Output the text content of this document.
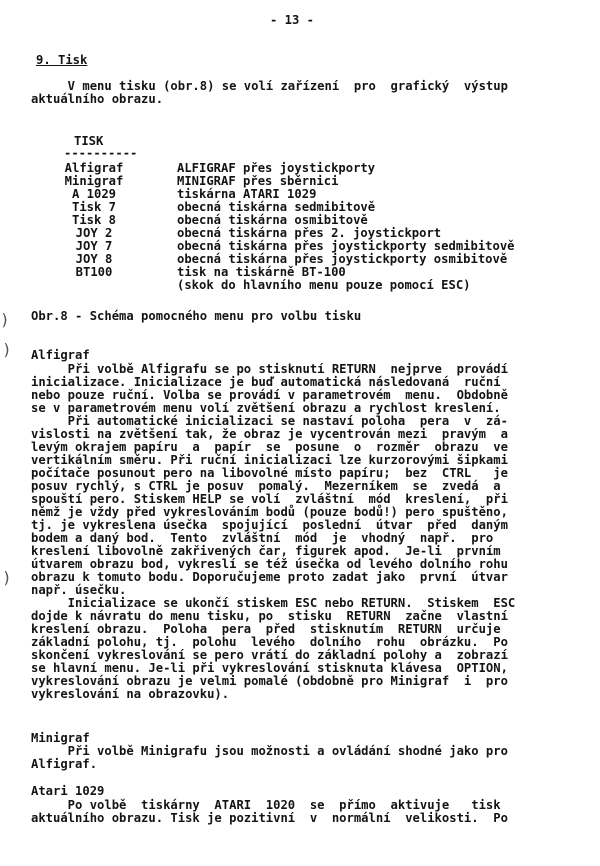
- 13 -
9. Tisk
V menu tisku (obr.8) se volí zařízení  pro  grafický  výstup
aktuálního obrazu.
TISK
----------
Alfigraf	ALFIGRAF přes joystickporty
Minigraf	MINIGRAF přes sběrnici
A 1029	tiskárna ATARI 1029
Tisk 7	obecná tiskárna sedmibitově
Tisk 8	obecná tiskárna osmibitově
JOY 2	obecná tiskárna přes 2. joystickport
JOY 7	obecná tiskárna přes joystickporty sedmibitově
JOY 8	obecná tiskárna přes joystickporty osmibitově
BT100	tisk na tiskárně BT-100
(skok do hlavního menu pouze pomocí ESC)
Obr.8 - Schéma pomocného menu pro volbu tisku
)
)
)
Alfigraf
Při volbě Alfigrafu se po stisknutí RETURN  nejprve  provádí
inicializace. Inicializace je buď automatická následovaná  ruční
nebo pouze ruční. Volba se provádí v parametrovém  menu.  Obdobně
se v parametrovém menu volí zvětšení obrazu a rychlost kreslení.
Při automatické inicializaci se nastaví poloha  pera  v  zá-
vislosti na zvětšení tak, že obraz je vycentrován mezi  pravým  a
levým okrajem papíru  a  papír  se  posune  o  rozměr  obrazu  ve
vertikálním směru. Při ruční inicializaci lze kurzorovými šipkami
počítače posunout pero na libovolné místo papíru;  bez  CTRL   je
posuv rychlý, s CTRL je posuv  pomalý.  Mezerníkem  se  zvedá  a
spouští pero. Stiskem HELP se volí  zvláštní  mód  kreslení,  při
němž je vždy před vykreslováním bodů (pouze bodů!) pero spuštěno,
tj. je vykreslena úsečka  spojující  poslední  útvar  před  daným
bodem a daný bod.  Tento  zvláštní  mód  je  vhodný  např.  pro
kreslení libovolně zakřivených čar, figurek apod.  Je-li  prvním
útvarem obrazu bod, vykreslí se též úsečka od levého dolního rohu
obrazu k tomuto bodu. Doporučujeme proto zadat jako  první  útvar
např. úsečku.
Inicializace se ukončí stiskem ESC nebo RETURN.  Stiskem  ESC
dojde k návratu do menu tisku, po  stisku  RETURN  začne  vlastní
kreslení obrazu.  Poloha  pera  před  stisknutím  RETURN  určuje
základní polohu, tj.  polohu  levého  dolního  rohu  obrázku.  Po
skončení vykreslování se pero vrátí do základní polohy a  zobrazí
se hlavní menu. Je-li při vykreslování stisknuta klávesa  OPTION,
vykreslování obrazu je velmi pomalé (obdobně pro Minigraf  i  pro
vykreslování na obrazovku).
Minigraf
Při volbě Minigrafu jsou možnosti a ovládání shodné jako pro
Alfigraf.
Atari 1029
Po volbě  tiskárny  ATARI  1020  se  přímo  aktivuje   tisk
aktuálního obrazu. Tisk je pozitivní  v  normální  velikosti.  Po
